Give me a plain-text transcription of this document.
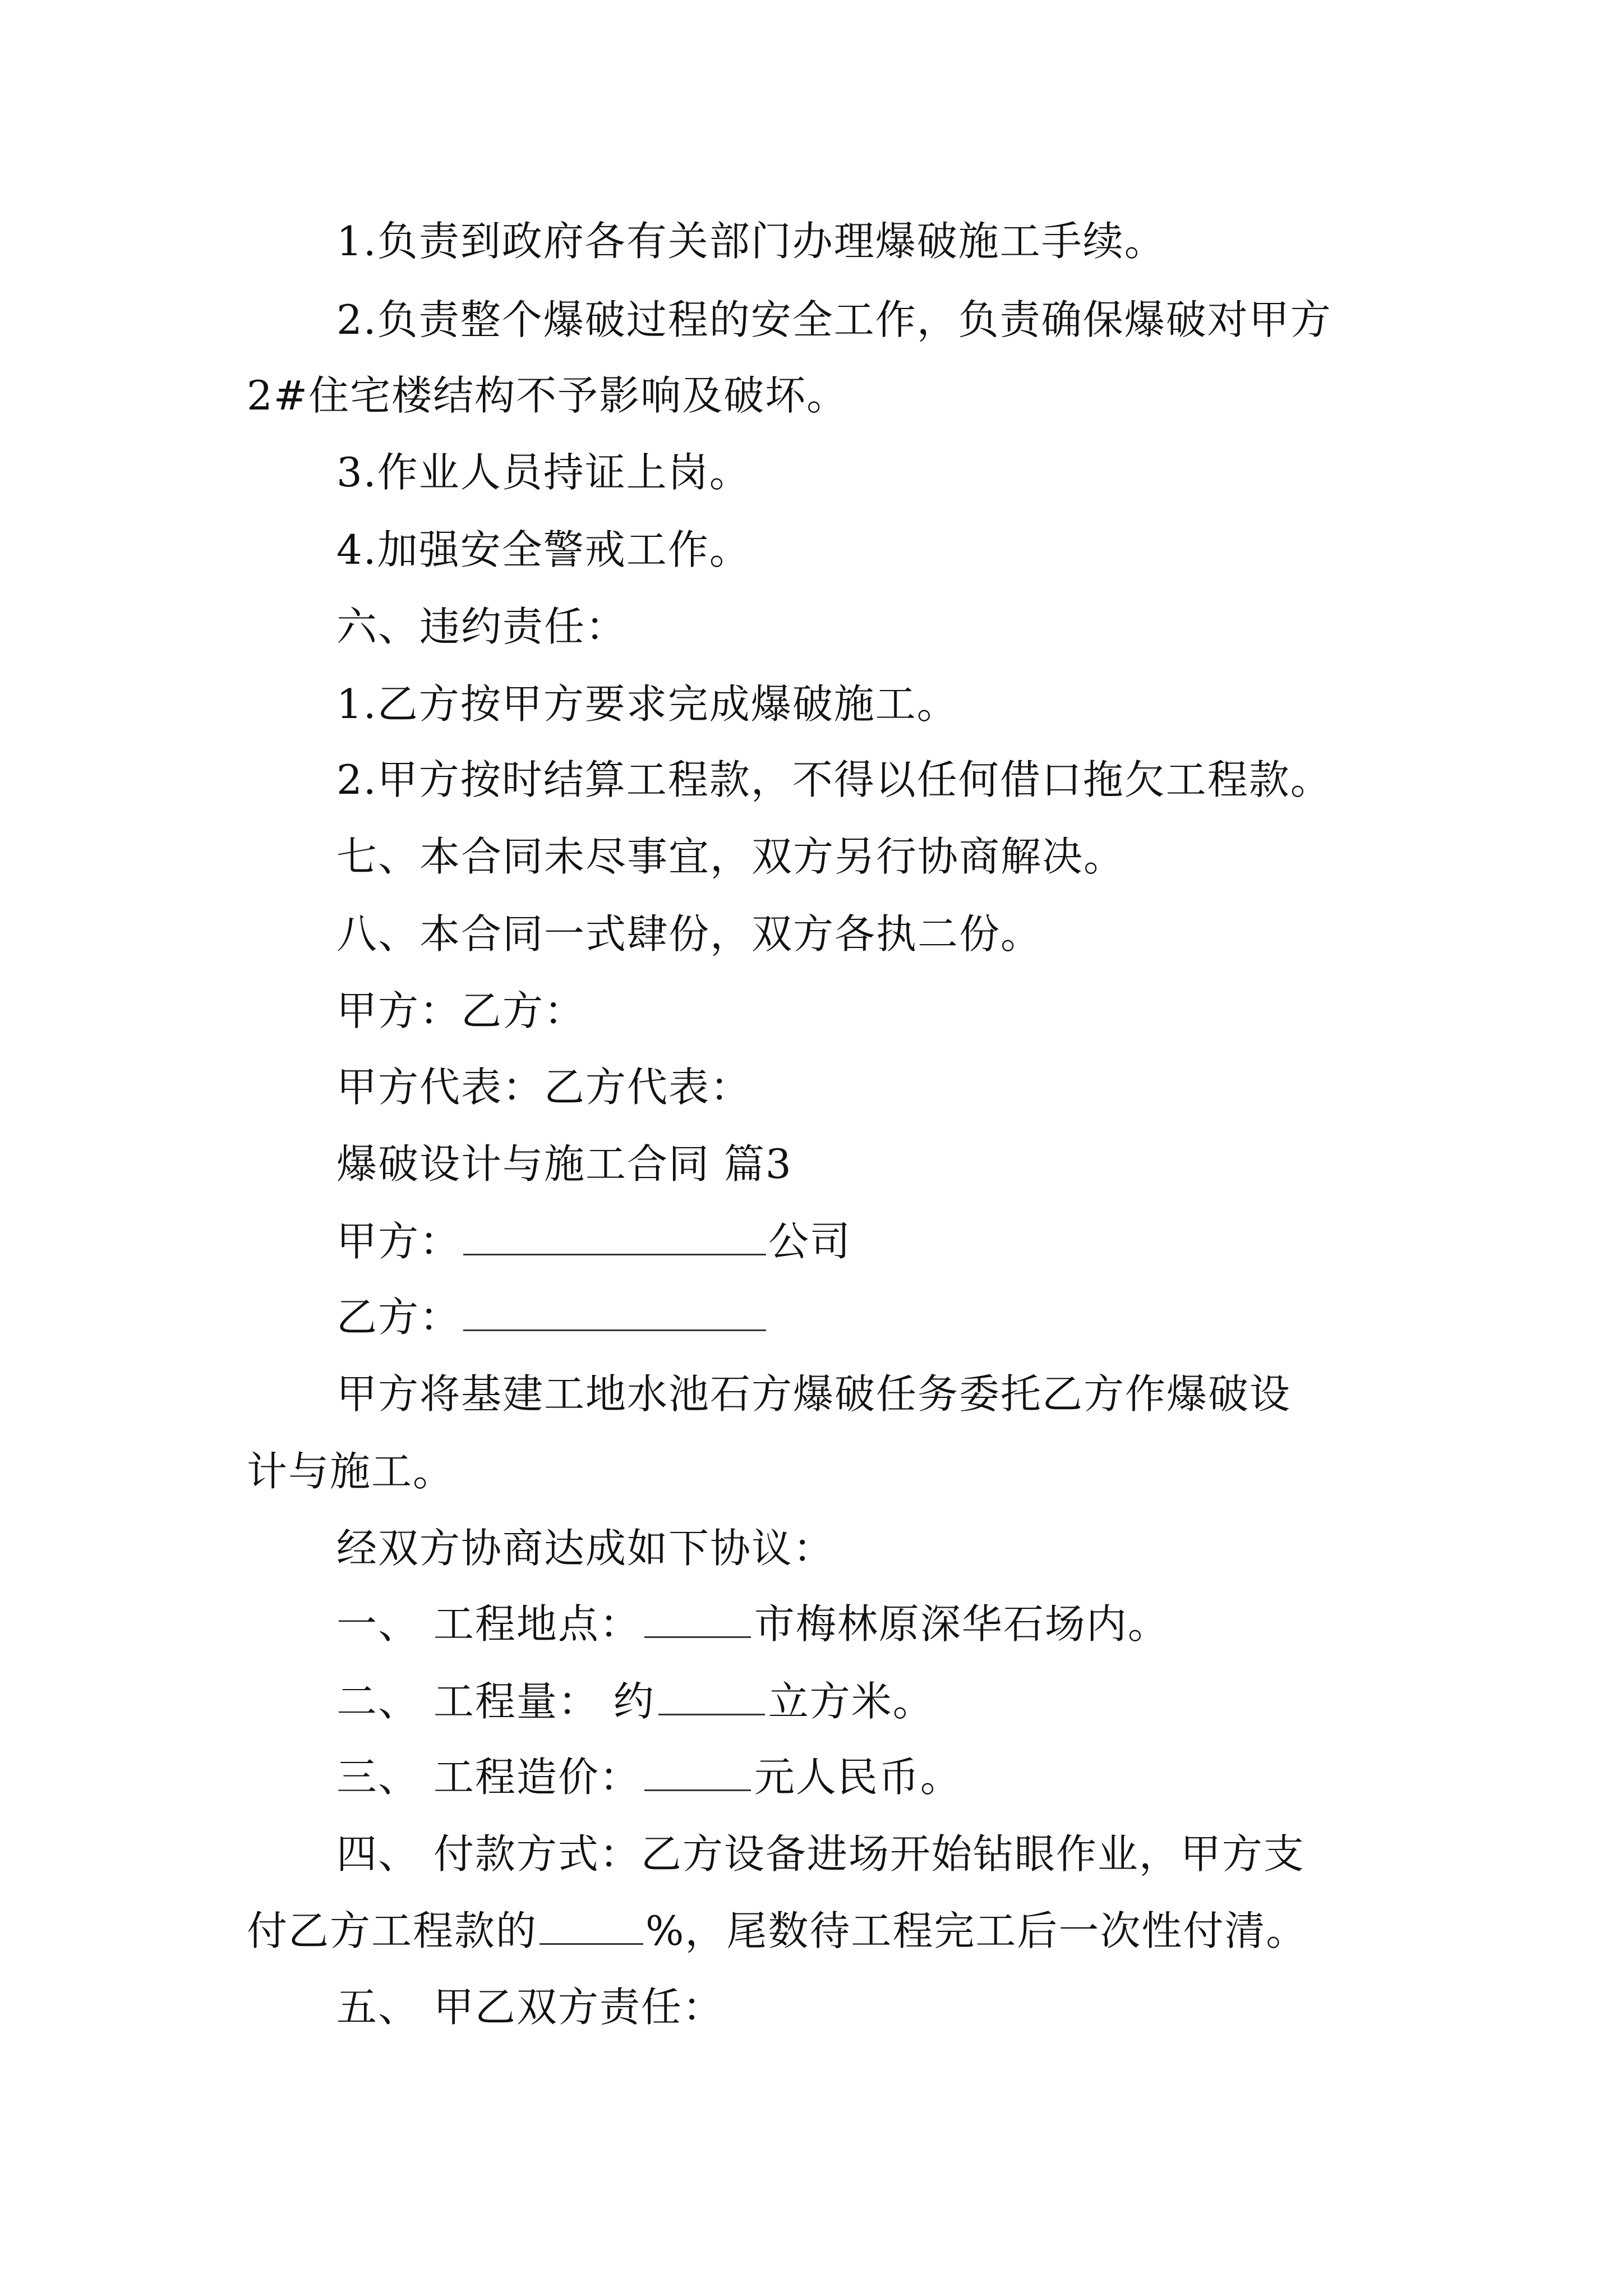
1.负责到政府各有关部门办理爆破施工手续。
2.负责整个爆破过程的安全工作，负责确保爆破对甲方
2#住宅楼结构不予影响及破坏。
3.作业人员持证上岗。
4.加强安全警戒工作。
六、违约责任：
1.乙方按甲方要求完成爆破施工。
2.甲方按时结算工程款，不得以任何借口拖欠工程款。
七、本合同未尽事宜，双方另行协商解决。
八、本合同一式肆份，双方各执二份。
甲方：乙方：
甲方代表：乙方代表：
爆破设计与施工合同 篇3
甲方：	公司
乙方：
甲方将基建工地水池石方爆破任务委托乙方作爆破设
计与施工。
经双方协商达成如下协议：
一、 工程地点：	市梅林原深华石场内。
二、 工程量： 约	立方米。
三、 工程造价：	元人民币。
四、 付款方式：乙方设备进场开始钻眼作业，甲方支
付乙方工程款的	%，尾数待工程完工后一次性付清。
五、 甲乙双方责任：
